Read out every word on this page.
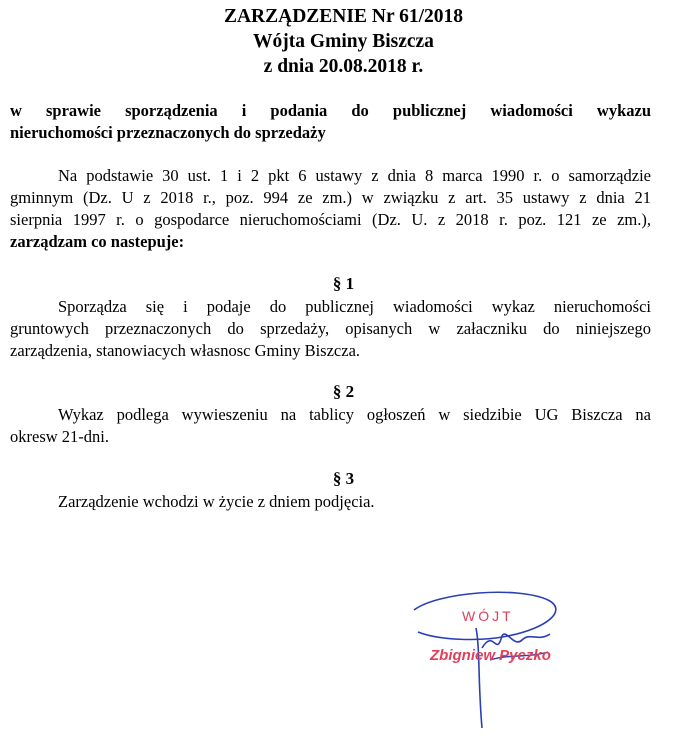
ZARZĄDZENIE Nr 61/2018
Wójta Gminy Biszcza
z dnia 20.08.2018 r.
w sprawie sporządzenia i podania do publicznej wiadomości wykazu
nieruchomości przeznaczonych do sprzedaży
Na podstawie 30 ust. 1 i 2 pkt 6 ustawy z dnia 8 marca 1990 r. o samorządzie
gminnym (Dz. U z 2018 r., poz. 994 ze zm.) w związku z art. 35 ustawy z dnia 21
sierpnia 1997 r. o gospodarce nieruchomościami (Dz. U. z 2018 r. poz. 121 ze zm.),
zarządzam co nastepuje:
§ 1
Sporządza się i podaje do publicznej wiadomości wykaz nieruchomości
gruntowych przeznaczonych do sprzedaży, opisanych w załaczniku do niniejszego
zarządzenia, stanowiacych własnosc Gminy Biszcza.
§ 2
Wykaz podlega wywieszeniu na tablicy ogłoszeń w siedzibie UG Biszcza na
okresw 21-dni.
§ 3
Zarządzenie wchodzi w życie z dniem podjęcia.
WÓJT
Zbigniew Pyczko
